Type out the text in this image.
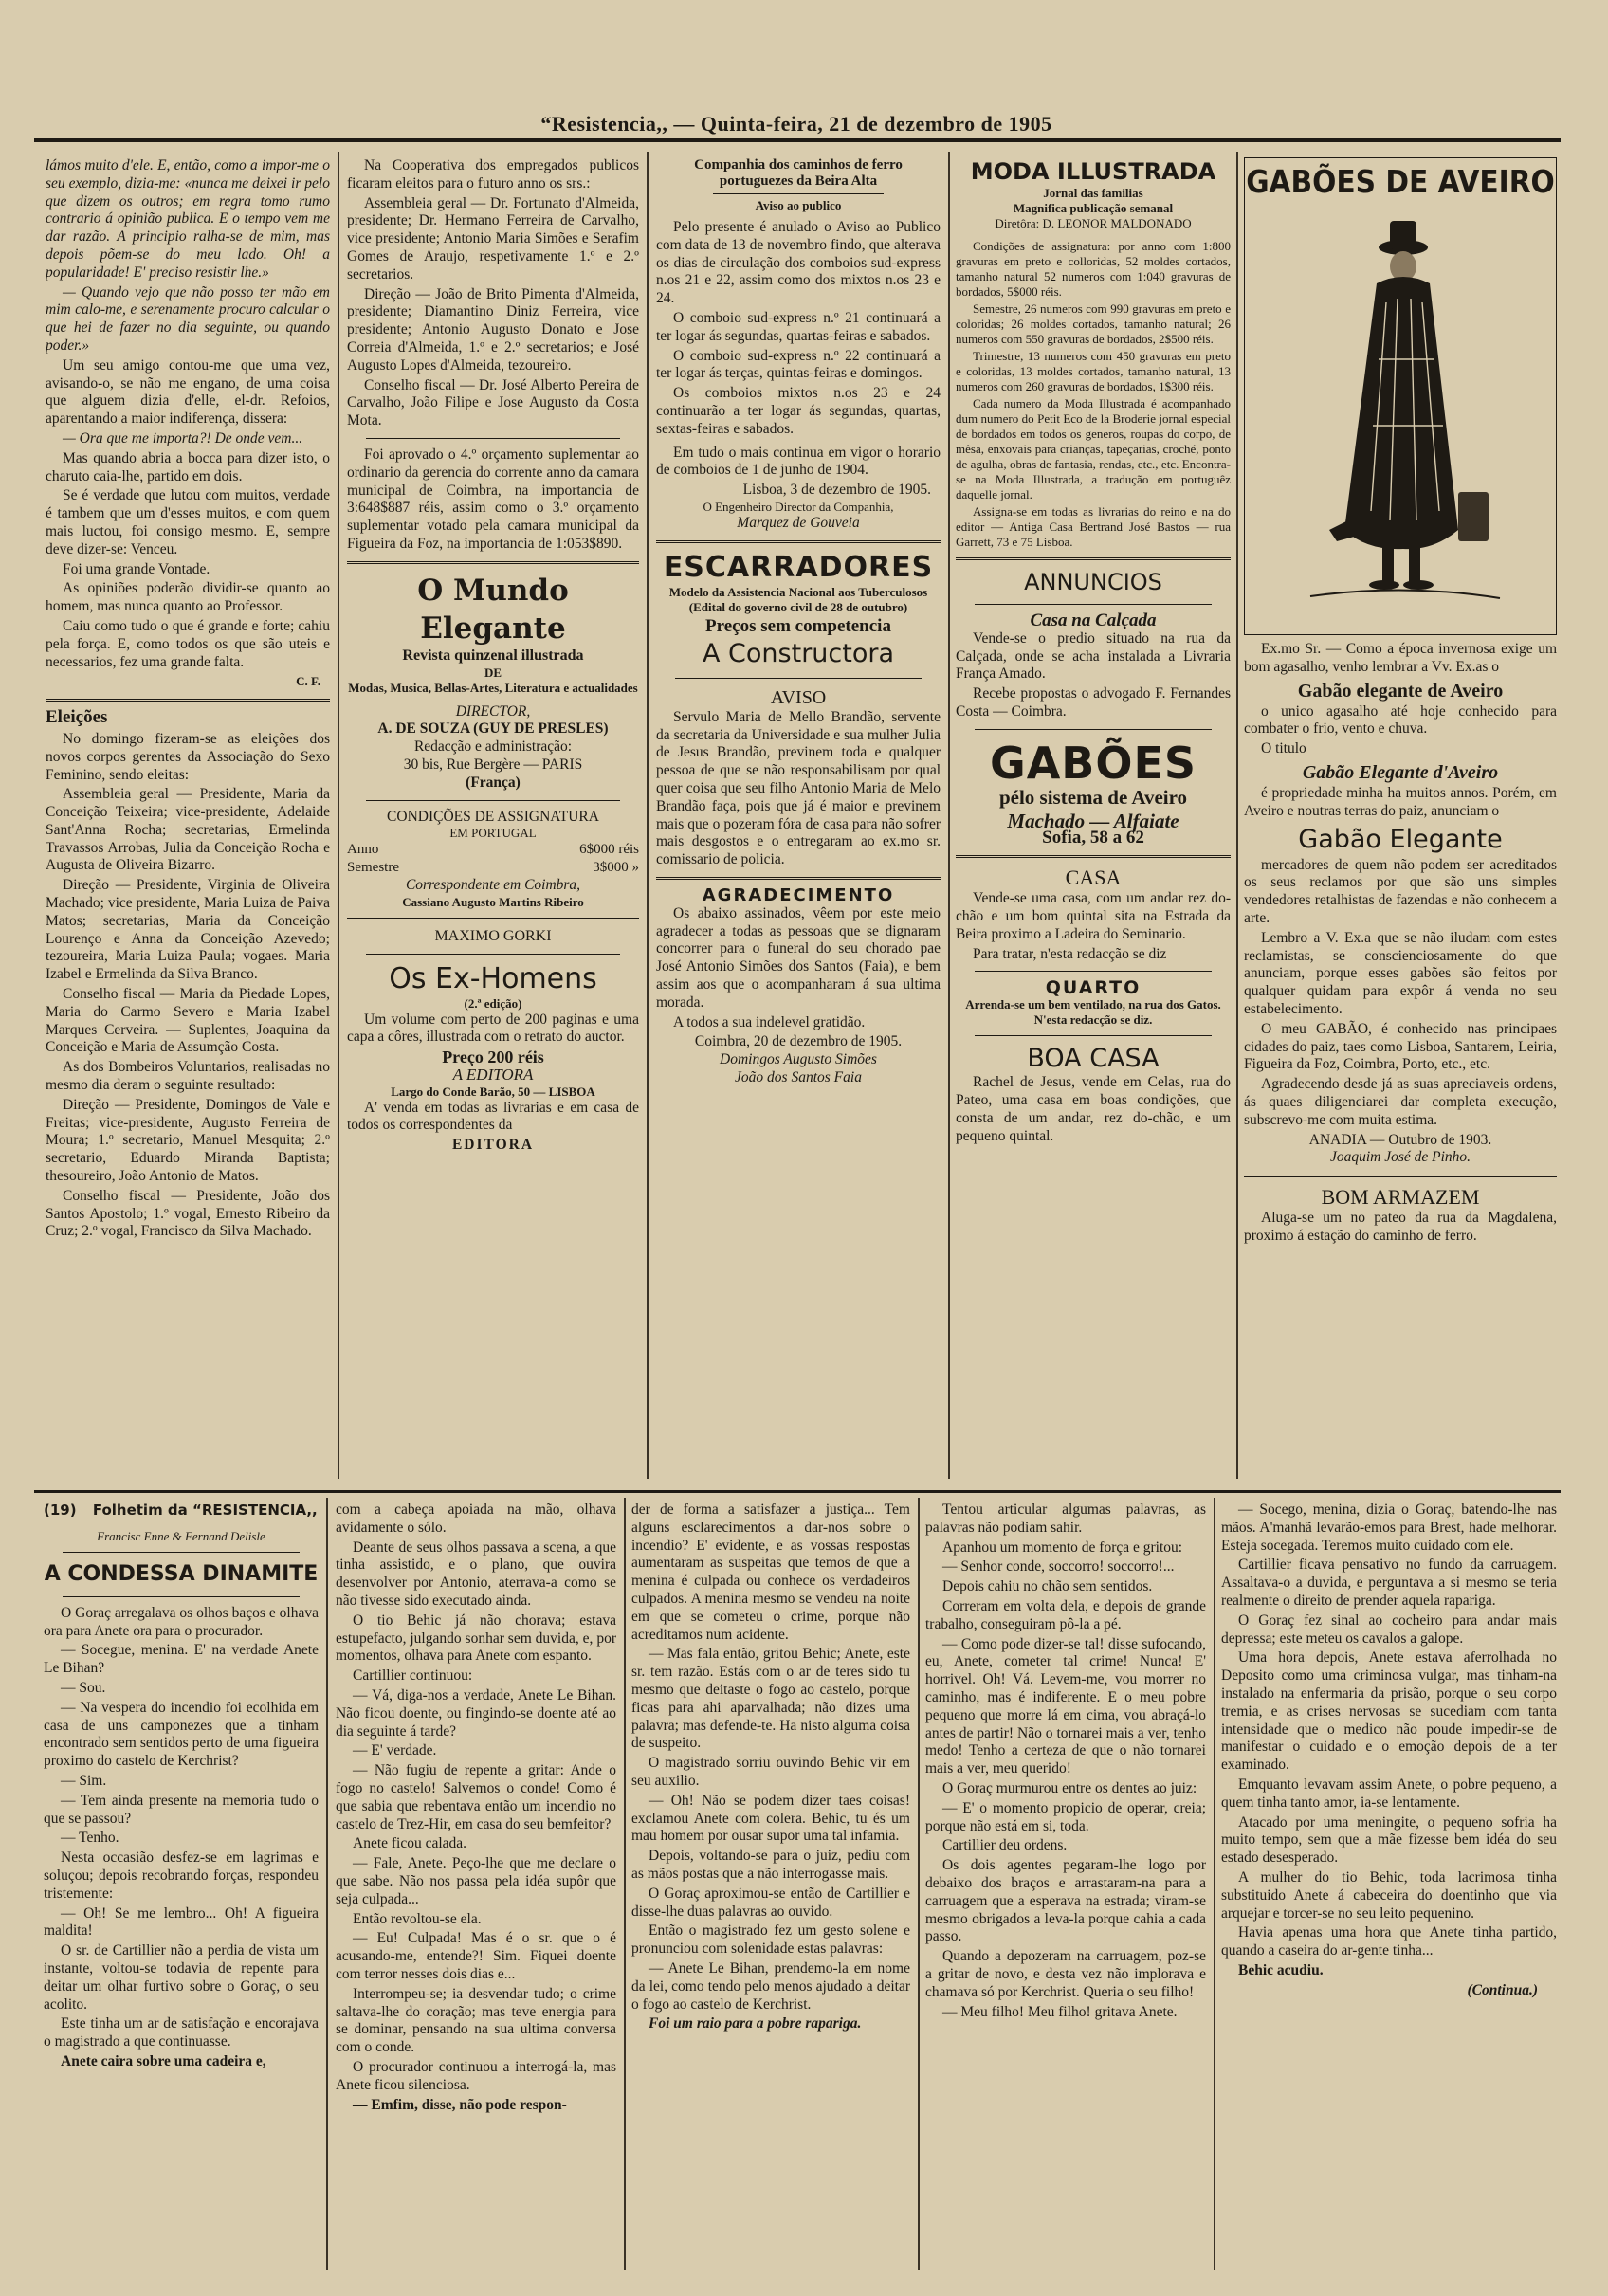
“Resistencia,, — Quinta-feira, 21 de dezembro de 1905

lámos muito d'ele. E, então, como a impor-me o seu exemplo, dizia-me: «nunca me deixei ir pelo que dizem os outros; em regra tomo rumo contrario á opinião publica. E o tempo vem me dar razão. A principio ralha-se de mim, mas depois põem-se do meu lado. Oh! a popularidade! E' preciso resistir lhe.»

— Quando vejo que não posso ter mão em mim calo-me, e serenamente procuro calcular o que hei de fazer no dia seguinte, ou quando poder.»

Um seu amigo contou-me que uma vez, avisando-o, se não me engano, de uma coisa que alguem dizia d'elle, el-dr. Refoios, aparentando a maior indiferença, dissera:

— Ora que me importa?! De onde vem...

Mas quando abria a bocca para dizer isto, o charuto caia-lhe, partido em dois.

Se é verdade que lutou com muitos, verdade é tambem que um d'esses muitos, e com quem mais luctou, foi consigo mesmo. E, sempre deve dizer-se: Venceu.

Foi uma grande Vontade.

As opiniões poderão dividir-se quanto ao homem, mas nunca quanto ao Professor.

Caiu como tudo o que é grande e forte; cahiu pela força. E, como todos os que são uteis e necessarios, fez uma grande falta.

C. F.
Eleições

No domingo fizeram-se as eleições dos novos corpos gerentes da Associação do Sexo Feminino, sendo eleitas:

Assembleia geral — Presidente, Maria da Conceição Teixeira; vice-presidente, Adelaide Sant'Anna Rocha; secretarias, Ermelinda Travassos Arrobas, Julia da Conceição Rocha e Augusta de Oliveira Bizarro.

Direção — Presidente, Virginia de Oliveira Machado; vice presidente, Maria Luiza de Paiva Matos; secretarias, Maria da Conceição Lourenço e Anna da Conceição Azevedo; tezoureira, Maria Luiza Paula; vogaes. Maria Izabel e Ermelinda da Silva Branco.

Conselho fiscal — Maria da Piedade Lopes, Maria do Carmo Severo e Maria Izabel Marques Cerveira. — Suplentes, Joaquina da Conceição e Maria de Assumção Costa.

As dos Bombeiros Voluntarios, realisadas no mesmo dia deram o seguinte resultado:

Direção — Presidente, Domingos de Vale e Freitas; vice-presidente, Augusto Ferreira de Moura; 1.º secretario, Manuel Mesquita; 2.º secretario, Eduardo Miranda Baptista; thesoureiro, João Antonio de Matos.

Conselho fiscal — Presidente, João dos Santos Apostolo; 1.º vogal, Ernesto Ribeiro da Cruz; 2.º vogal, Francisco da Silva Machado.

Na Cooperativa dos empregados publicos ficaram eleitos para o futuro anno os srs.:

Assembleia geral — Dr. Fortunato d'Almeida, presidente; Dr. Hermano Ferreira de Carvalho, vice presidente; Antonio Maria Simões e Serafim Gomes de Araujo, respetivamente 1.º e 2.º secretarios.

Direção — João de Brito Pimenta d'Almeida, presidente; Diamantino Diniz Ferreira, vice presidente; Antonio Augusto Donato e Jose Correia d'Almeida, 1.º e 2.º secretarios; e José Augusto Lopes d'Almeida, tezoureiro.

Conselho fiscal — Dr. José Alberto Pereira de Carvalho, João Filipe e Jose Augusto da Costa Mota.

Foi aprovado o 4.º orçamento suplementar ao ordinario da gerencia do corrente anno da camara municipal de Coimbra, na importancia de 3:648$887 réis, assim como o 3.º orçamento suplementar votado pela camara municipal da Figueira da Foz, na importancia de 1:053$890.

O Mundo Elegante
Revista quinzenal illustrada
DE
Modas, Musica, Bellas-Artes, Literatura e actualidades
DIRECTOR,
A. DE SOUZA (GUY DE PRESLES)
Redacção e administração:
30 bis, Rue Bergère — PARIS
(França)
CONDIÇÕES DE ASSIGNATURA
EM PORTUGAL
Anno	6$000 réis
Semestre	3$000 »
Correspondente em Coimbra,
Cassiano Augusto Martins Ribeiro
MAXIMO GORKI
Os Ex-Homens
(2.ª edição)

Um volume com perto de 200 paginas e uma capa a côres, illustrada com o retrato do auctor.

Preço 200 réis
A EDITORA
Largo do Conde Barão, 50 — LISBOA

A' venda em todas as livrarias e em casa de todos os correspondentes da

EDITORA
Companhia dos caminhos de ferro portuguezes da Beira Alta
Aviso ao publico

Pelo presente é anulado o Aviso ao Publico com data de 13 de novembro findo, que alterava os dias de circulação dos comboios sud-express n.os 21 e 22, assim como dos mixtos n.os 23 e 24.

O comboio sud-express n.º 21 continuará a ter logar ás segundas, quartas-feiras e sabados.

O comboio sud-express n.º 22 continuará a ter logar ás terças, quintas-feiras e domingos.

Os comboios mixtos n.os 23 e 24 continuarão a ter logar ás segundas, quartas, sextas-feiras e sabados.

Em tudo o mais continua em vigor o horario de comboios de 1 de junho de 1904.

Lisboa, 3 de dezembro de 1905.
O Engenheiro Director da Companhia,
Marquez de Gouveia
ESCARRADORES
Modelo da Assistencia Nacional aos Tuberculosos
(Edital do governo civil de 28 de outubro)
Preços sem competencia
A Constructora
AVISO

Servulo Maria de Mello Brandão, servente da secretaria da Universidade e sua mulher Julia de Jesus Brandão, previnem toda e qualquer pessoa de que se não responsabilisam por qual quer coisa que seu filho Antonio Maria de Melo Brandão faça, pois que já é maior e previnem mais que o pozeram fóra de casa para não sofrer mais desgostos e o entregaram ao ex.mo sr. comissario de policia.

AGRADECIMENTO

Os abaixo assinados, vêem por este meio agradecer a todas as pessoas que se dignaram concorrer para o funeral do seu chorado pae José Antonio Simões dos Santos (Faia), e bem assim aos que o acompanharam á sua ultima morada.

A todos a sua indelevel gratidão.

Coimbra, 20 de dezembro de 1905.
Domingos Augusto Simões
João dos Santos Faia
MODA ILLUSTRADA
Jornal das familias
Magnifica publicação semanal
Diretôra: D. LEONOR MALDONADO

Condições de assignatura: por anno com 1:800 gravuras em preto e colloridas, 52 moldes cortados, tamanho natural 52 numeros com 1:040 gravuras de bordados, 5$000 réis.

Semestre, 26 numeros com 990 gravuras em preto e coloridas; 26 moldes cortados, tamanho natural; 26 numeros com 550 gravuras de bordados, 2$500 réis.

Trimestre, 13 numeros com 450 gravuras em preto e coloridas, 13 moldes cortados, tamanho natural, 13 numeros com 260 gravuras de bordados, 1$300 réis.

Cada numero da Moda Illustrada é acompanhado dum numero do Petit Eco de la Broderie jornal especial de bordados em todos os generos, roupas do corpo, de mêsa, enxovais para crianças, tapeçarias, croché, ponto de agulha, obras de fantasia, rendas, etc., etc. Encontra-se na Moda Illustrada, a tradução em portuguêz daquelle jornal.

Assigna-se em todas as livrarias do reino e na do editor — Antiga Casa Bertrand José Bastos — rua Garrett, 73 e 75 Lisboa.

ANNUNCIOS
Casa na Calçada

Vende-se o predio situado na rua da Calçada, onde se acha instalada a Livraria França Amado.

Recebe propostas o advogado F. Fernandes Costa — Coimbra.

GABÕES
pélo sistema de Aveiro
Machado — Alfaiate
Sofia, 58 a 62
CASA

Vende-se uma casa, com um andar rez do-chão e um bom quintal sita na Estrada da Beira proximo a Ladeira do Seminario.

Para tratar, n'esta redacção se diz

QUARTO
Arrenda-se um bem ventilado, na rua dos Gatos. N'esta redacção se diz.
BOA CASA

Rachel de Jesus, vende em Celas, rua do Pateo, uma casa em boas condições, que consta de um andar, rez do-chão, e um pequeno quintal.

GABÕES DE AVEIRO

Ex.mo Sr. — Como a época invernosa exige um bom agasalho, venho lembrar a Vv. Ex.as o

Gabão elegante de Aveiro

o unico agasalho até hoje conhecido para combater o frio, vento e chuva.

O titulo

Gabão Elegante d'Aveiro

é propriedade minha ha muitos annos. Porém, em Aveiro e noutras terras do paiz, anunciam o

Gabão Elegante

mercadores de quem não podem ser acreditados os seus reclamos por que são uns simples vendedores retalhistas de fazendas e não conhecem a arte.

Lembro a V. Ex.a que se não iludam com estes reclamistas, se conscienciosamente do que anunciam, porque esses gabões são feitos por qualquer quidam para expôr á venda no seu estabelecimento.

O meu GABÃO, é conhecido nas principaes cidades do paiz, taes como Lisboa, Santarem, Leiria, Figueira da Foz, Coimbra, Porto, etc., etc.

Agradecendo desde já as suas apreciaveis ordens, ás quaes diligenciarei dar completa execução, subscrevo-me com muita estima.

ANADIA — Outubro de 1903.
Joaquim José de Pinho.
BOM ARMAZEM

Aluga-se um no pateo da rua da Magdalena, proximo á estação do caminho de ferro.

(19) Folhetim da “RESISTENCIA,,
Francisc Enne & Fernand Delisle
A CONDESSA DINAMITE

O Goraç arregalava os olhos baços e olhava ora para Anete ora para o procurador.

— Socegue, menina. E' na verdade Anete Le Bihan?

— Sou.

— Na vespera do incendio foi ecolhida em casa de uns camponezes que a tinham encontrado sem sentidos perto de uma figueira proximo do castelo de Kerchrist?

— Sim.

— Tem ainda presente na memoria tudo o que se passou?

— Tenho.

Nesta occasião desfez-se em lagrimas e soluçou; depois recobrando forças, respondeu tristemente:

— Oh! Se me lembro... Oh! A figueira maldita!

O sr. de Cartillier não a perdia de vista um instante, voltou-se todavia de repente para deitar um olhar furtivo sobre o Goraç, o seu acolito.

Este tinha um ar de satisfação e encorajava o magistrado a que continuasse.

Anete caira sobre uma cadeira e,

com a cabeça apoiada na mão, olhava avidamente o sólo.

Deante de seus olhos passava a scena, a que tinha assistido, e o plano, que ouvira desenvolver por Antonio, aterrava-a como se não tivesse sido executado ainda.

O tio Behic já não chorava; estava estupefacto, julgando sonhar sem duvida, e, por momentos, olhava para Anete com espanto.

Cartillier continuou:

— Vá, diga-nos a verdade, Anete Le Bihan. Não ficou doente, ou fingindo-se doente até ao dia seguinte á tarde?

— E' verdade.

— Não fugiu de repente a gritar: Ande o fogo no castelo! Salvemos o conde! Como é que sabia que rebentava então um incendio no castelo de Trez-Hir, em casa do seu bemfeitor?

Anete ficou calada.

— Fale, Anete. Peço-lhe que me declare o que sabe. Não nos passa pela idéa supôr que seja culpada...

Então revoltou-se ela.

— Eu! Culpada! Mas é o sr. que o é acusando-me, entende?! Sim. Fiquei doente com terror nesses dois dias e...

Interrompeu-se; ia desvendar tudo; o crime saltava-lhe do coração; mas teve energia para se dominar, pensando na sua ultima conversa com o conde.

O procurador continuou a interrogá-la, mas Anete ficou silenciosa.

— Emfim, disse, não pode respon-

der de forma a satisfazer a justiça... Tem alguns esclarecimentos a dar-nos sobre o incendio? E' evidente, e as vossas respostas aumentaram as suspeitas que temos de que a menina é culpada ou conhece os verdadeiros culpados. A menina mesmo se vendeu na noite em que se cometeu o crime, porque não acreditamos num acidente.

— Mas fala então, gritou Behic; Anete, este sr. tem razão. Estás com o ar de teres sido tu mesmo que deitaste o fogo ao castelo, porque ficas para ahi aparvalhada; não dizes uma palavra; mas defende-te. Ha nisto alguma coisa de suspeito.

O magistrado sorriu ouvindo Behic vir em seu auxilio.

— Oh! Não se podem dizer taes coisas! exclamou Anete com colera. Behic, tu és um mau homem por ousar supor uma tal infamia.

Depois, voltando-se para o juiz, pediu com as mãos postas que a não interrogasse mais.

O Goraç aproximou-se então de Cartillier e disse-lhe duas palavras ao ouvido.

Então o magistrado fez um gesto solene e pronunciou com solenidade estas palavras:

— Anete Le Bihan, prendemo-la em nome da lei, como tendo pelo menos ajudado a deitar o fogo ao castelo de Kerchrist.

Foi um raio para a pobre rapariga.

Tentou articular algumas palavras, as palavras não podiam sahir.

Apanhou um momento de força e gritou:

— Senhor conde, soccorro! soccorro!...

Depois cahiu no chão sem sentidos.

Correram em volta dela, e depois de grande trabalho, conseguiram pô-la a pé.

— Como pode dizer-se tal! disse sufocando, eu, Anete, cometer tal crime! Nunca! E' horrivel. Oh! Vá. Levem-me, vou morrer no caminho, mas é indiferente. E o meu pobre pequeno que morre lá em cima, vou abraçá-lo antes de partir! Não o tornarei mais a ver, tenho medo! Tenho a certeza de que o não tornarei mais a ver, meu querido!

O Goraç murmurou entre os dentes ao juiz:

— E' o momento propicio de operar, creia; porque não está em si, toda.

Cartillier deu ordens.

Os dois agentes pegaram-lhe logo por debaixo dos braços e arrastaram-na para a carruagem que a esperava na estrada; viram-se mesmo obrigados a leva-la porque cahia a cada passo.

Quando a depozeram na carruagem, poz-se a gritar de novo, e desta vez não implorava e chamava só por Kerchrist. Queria o seu filho!

— Meu filho! Meu filho! gritava Anete.

— Socego, menina, dizia o Goraç, batendo-lhe nas mãos. A'manhã levarão-emos para Brest, hade melhorar. Esteja socegada. Teremos muito cuidado com ele.

Cartillier ficava pensativo no fundo da carruagem. Assaltava-o a duvida, e perguntava a si mesmo se teria realmente o direito de prender aquela rapariga.

O Goraç fez sinal ao cocheiro para andar mais depressa; este meteu os cavalos a galope.

Uma hora depois, Anete estava aferrolhada no Deposito como uma criminosa vulgar, mas tinham-na instalado na enfermaria da prisão, porque o seu corpo tremia, e as crises nervosas se sucediam com tanta intensidade que o medico não poude impedir-se de manifestar o cuidado e o emoção depois de a ter examinado.

Emquanto levavam assim Anete, o pobre pequeno, a quem tinha tanto amor, ia-se lentamente.

Atacado por uma meningite, o pequeno sofria ha muito tempo, sem que a mãe fizesse bem idéa do seu estado desesperado.

A mulher do tio Behic, toda lacrimosa tinha substituido Anete á cabeceira do doentinho que via arquejar e torcer-se no seu leito pequenino.

Havia apenas uma hora que Anete tinha partido, quando a caseira do ar-gente tinha...

Behic acudiu.

(Continua.)
